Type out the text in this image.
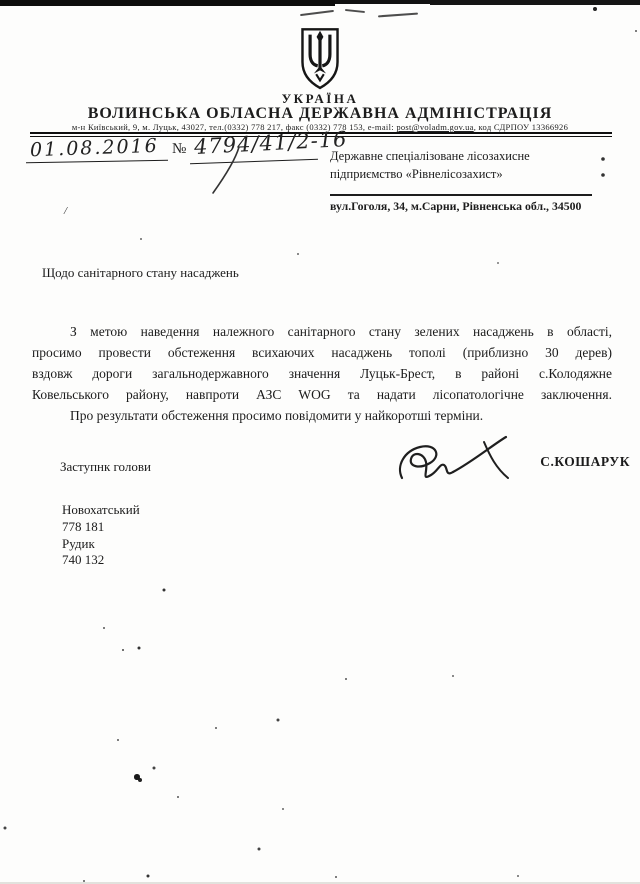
/
УКРАЇНА
ВОЛИНСЬКА ОБЛАСНА ДЕРЖАВНА АДМІНІСТРАЦІЯ
м-н Київський, 9, м. Луцьк, 43027, тел.(0332) 778 217, факс (0332) 778 153, e-mail: post@voladm.gov.ua, код СДРПОУ 13366926
01.08.2016 № 4794/41/2-16
Державне спеціалізоване лісозахисне
підприємство «Рівнелісозахист»
вул.Гоголя, 34, м.Сарни, Рівненська обл., 34500
Щодо санітарного стану насаджень
З метою наведення належного санітарного стану зелених насаджень в області,
просимо провести обстеження всихаючих насаджень тополі (приблизно 30 дерев)
вздовж дороги загальнодержавного значення Луцьк-Брест, в районі с.Колодяжне
Ковельського району, навпроти АЗС WOG та надати лісопатологічне заключення.
Про результати обстеження просимо повідомити у найкоротші терміни.
Заступнк голови	С.КОШАРУК
Новохатський
778 181
Рудик
740 132
